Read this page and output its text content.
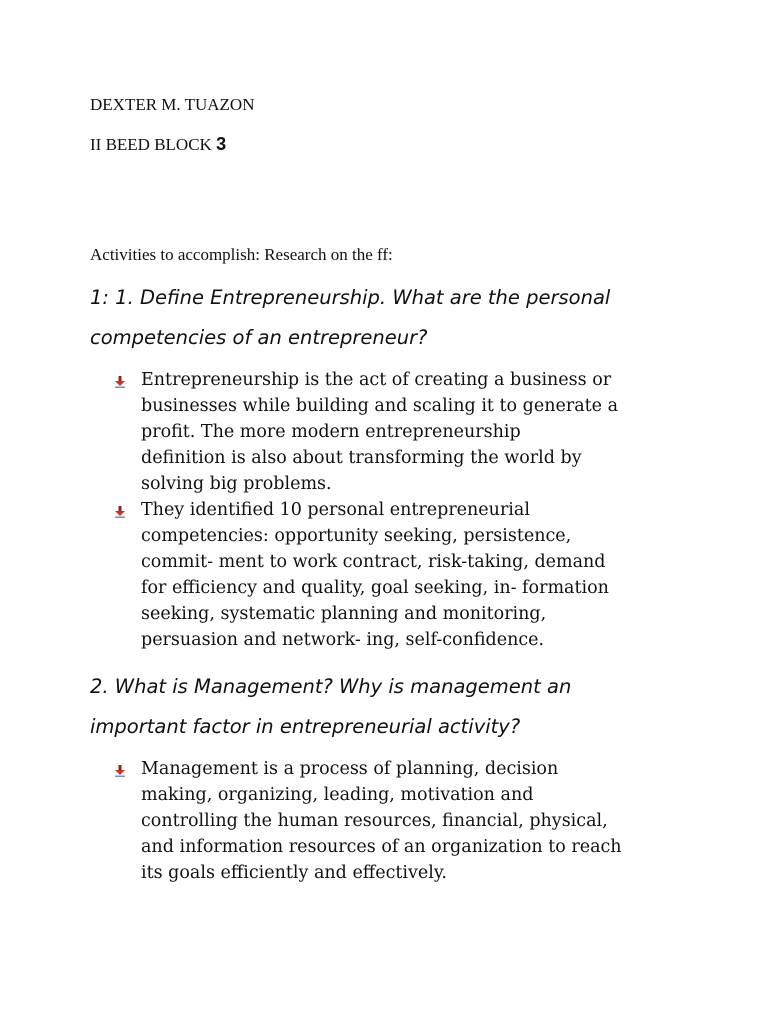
DEXTER M. TUAZON
II BEED BLOCK 3
Activities to accomplish: Research on the ff:
1: 1. Define Entrepreneurship. What are the personal
competencies of an entrepreneur?
Entrepreneurship is the act of creating a business or
businesses while building and scaling it to generate a
profit. The more modern entrepreneurship
definition is also about transforming the world by
solving big problems.
They identified 10 personal entrepreneurial
competencies: opportunity seeking, persistence,
commit- ment to work contract, risk-taking, demand
for efficiency and quality, goal seeking, in- formation
seeking, systematic planning and monitoring,
persuasion and network- ing, self-confidence.
2. What is Management? Why is management an
important factor in entrepreneurial activity?
Management is a process of planning, decision
making, organizing, leading, motivation and
controlling the human resources, financial, physical,
and information resources of an organization to reach
its goals efficiently and effectively.
